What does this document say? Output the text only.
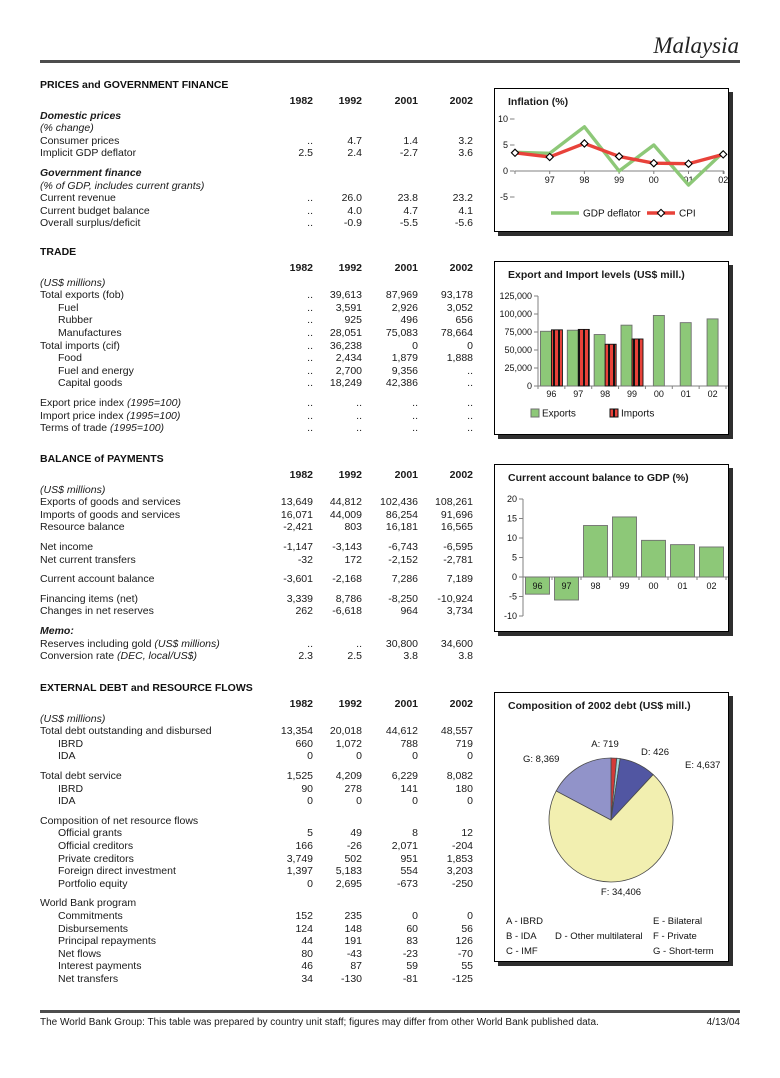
Malaysia
PRICES and GOVERNMENT FINANCE
1982	1992	2001	2002
Domestic prices
(% change)
Consumer prices	..	4.7	1.4	3.2
Implicit GDP deflator	2.5	2.4	-2.7	3.6
Government finance
(% of GDP, includes current grants)
Current revenue	..	26.0	23.8	23.2
Current budget balance	..	4.0	4.7	4.1
Overall surplus/deficit	..	-0.9	-5.5	-5.6
TRADE
1982	1992	2001	2002
(US$ millions)
Total exports (fob)	..	39,613	87,969	93,178
Fuel	..	3,591	2,926	3,052
Rubber	..	925	496	656
Manufactures	..	28,051	75,083	78,664
Total imports (cif)	..	36,238	0	0
Food	..	2,434	1,879	1,888
Fuel and energy	..	2,700	9,356	..
Capital goods	..	18,249	42,386	..
Export price index (1995=100)	..	..	..	..
Import price index (1995=100)	..	..	..	..
Terms of trade (1995=100)	..	..	..	..
BALANCE of PAYMENTS
1982	1992	2001	2002
(US$ millions)
Exports of goods and services	13,649	44,812	102,436	108,261
Imports of goods and services	16,071	44,009	86,254	91,696
Resource balance	-2,421	803	16,181	16,565
Net income	-1,147	-3,143	-6,743	-6,595
Net current transfers	-32	172	-2,152	-2,781
Current account balance	-3,601	-2,168	7,286	7,189
Financing items (net)	3,339	8,786	-8,250	-10,924
Changes in net reserves	262	-6,618	964	3,734
Memo:
Reserves including gold (US$ millions)	..	..	30,800	34,600
Conversion rate (DEC, local/US$)	2.3	2.5	3.8	3.8
EXTERNAL DEBT and RESOURCE FLOWS
1982	1992	2001	2002
(US$ millions)
Total debt outstanding and disbursed	13,354	20,018	44,612	48,557
IBRD	660	1,072	788	719
IDA	0	0	0	0
Total debt service	1,525	4,209	6,229	8,082
IBRD	90	278	141	180
IDA	0	0	0	0
Composition of net resource flows
Official grants	5	49	8	12
Official creditors	166	-26	2,071	-204
Private creditors	3,749	502	951	1,853
Foreign direct investment	1,397	5,183	554	3,203
Portfolio equity	0	2,695	-673	-250
World Bank program
Commitments	152	235	0	0
Disbursements	124	148	60	56
Principal repayments	44	191	83	126
Net flows	80	-43	-23	-70
Interest payments	46	87	59	55
Net transfers	34	-130	-81	-125
Inflation (%)
10
5
0
-5
97	98	99	00	01	02
GDP deflator	CPI
Export and Import levels (US$ mill.)
0
25,000
50,000
75,000
100,000
125,000
96 97 98 99 00 01 02
Exports	Imports
Current account balance to GDP (%)
20
15
10
5
0
-5
-10
96 97 98 99 00 01 02
Composition of 2002 debt (US$ mill.)
A: 719
D: 426
E: 4,637
F: 34,406
G: 8,369
A - IBRD
B - IDA
C - IMF
D - Other multilateral
E - Bilateral
F - Private
G - Short-term
The World Bank Group: This table was prepared by country unit staff; figures may differ from other World Bank published data.	4/13/04
